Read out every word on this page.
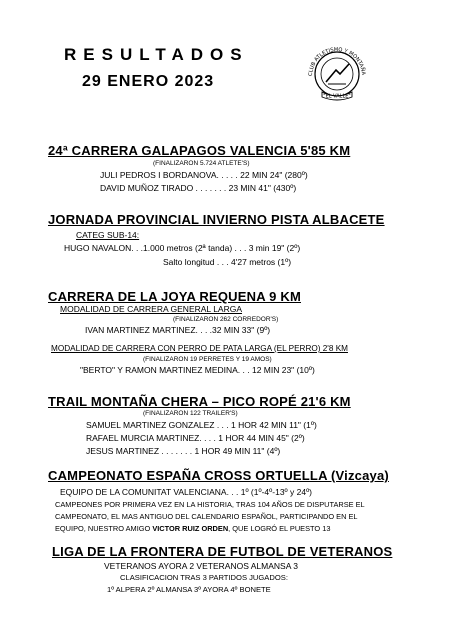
RESULTADOS
29 ENERO 2023	CLUB ATLETISMO Y MONTAÑA
"EL VALLE"
24ª CARRERA GALAPAGOS VALENCIA 5'85 KM
(FINALIZARON 5.724 ATLETE'S)
JULI PEDROS I BORDANOVA. . . . . 22 MIN 24" (280º)
DAVID MUÑOZ TIRADO . . . . . . . 23 MIN 41" (430º)
JORNADA PROVINCIAL INVIERNO PISTA ALBACETE
CATEG SUB-14:
HUGO NAVALON. . .1.000 metros (2ª tanda) . . . 3 min 19" (2º)
Salto longitud . . . 4'27 metros (1º)
CARRERA DE LA JOYA REQUENA 9 KM
MODALIDAD DE CARRERA GENERAL LARGA
(FINALIZARON 262 CORREDOR'S)
IVAN MARTINEZ MARTINEZ. . . .32 MIN 33" (9º)
MODALIDAD DE CARRERA CON PERRO DE PATA LARGA (EL PERRO) 2'8 KM
(FINALIZARON 19 PERRETES Y 19 AMOS)
"BERTO" Y RAMON MARTINEZ MEDINA. . . 12 MIN 23" (10º)
TRAIL MONTAÑA CHERA – PICO ROPÉ 21'6 KM
(FINALIZARON 122 TRAILER'S)
SAMUEL MARTINEZ GONZALEZ . . . 1 HOR 42 MIN 11" (1º)
RAFAEL MURCIA MARTINEZ. . . . 1 HOR 44 MIN 45" (2º)
JESUS MARTINEZ . . . . . . . 1 HOR 49 MIN 11" (4º)
CAMPEONATO ESPAÑA CROSS ORTUELLA (Vizcaya)
EQUIPO DE LA COMUNITAT VALENCIANA. . . 1º (1º-4º-13º y 24º)
CAMPEONES POR PRIMERA VEZ EN LA HISTORIA, TRAS 104 AÑOS DE DISPUTARSE EL
CAMPEONATO, EL MAS ANTIGUO DEL CALENDARIO ESPAÑOL, PARTICIPANDO EN EL
EQUIPO, NUESTRO AMIGO VICTOR RUIZ ORDEN, QUE LOGRÓ EL PUESTO 13
LIGA DE LA FRONTERA DE FUTBOL DE VETERANOS
VETERANOS AYORA 2 VETERANOS ALMANSA 3
CLASIFICACION TRAS 3 PARTIDOS JUGADOS:
1º ALPERA 2º ALMANSA 3º AYORA 4º BONETE
